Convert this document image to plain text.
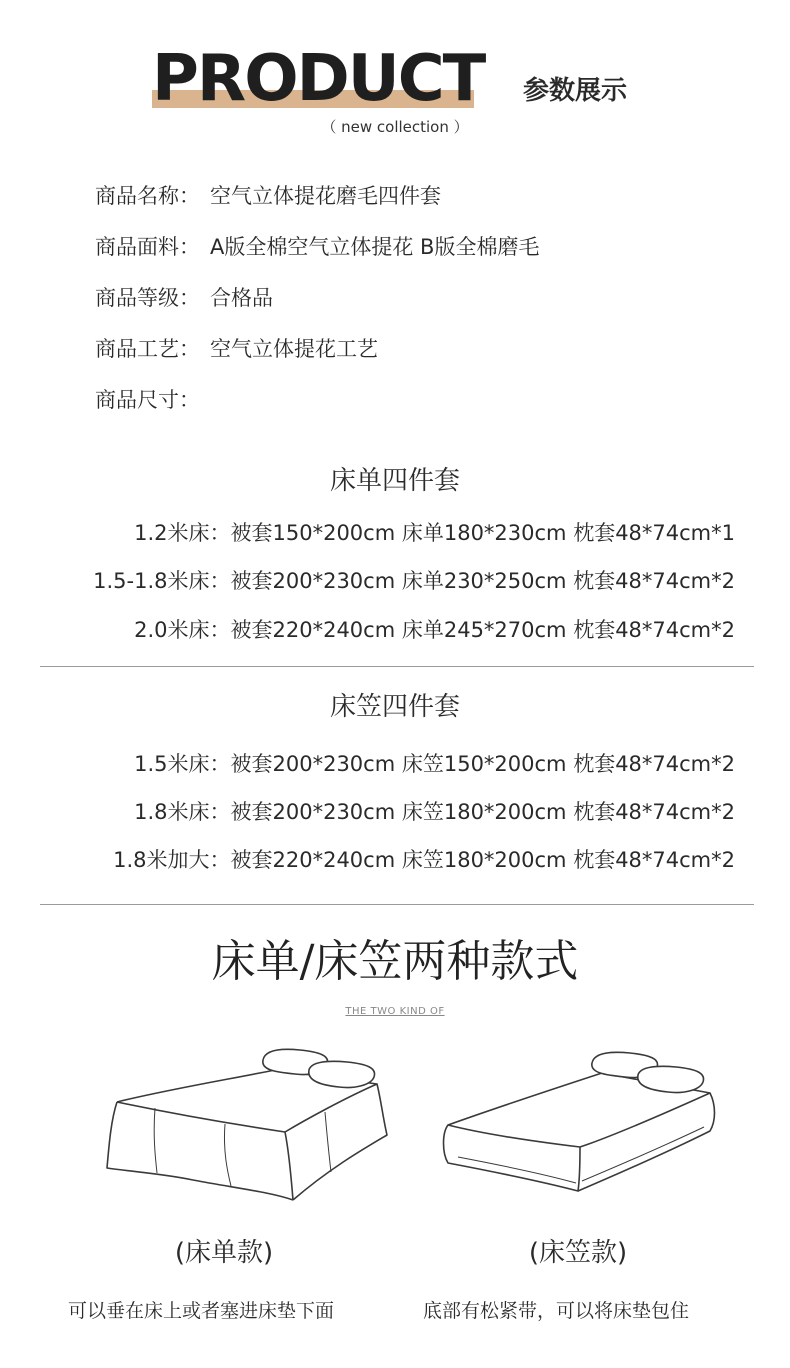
PRODUCT 参数展示
（ new collection ）
商品名称： 空气立体提花磨毛四件套
商品面料： A版全棉空气立体提花 B版全棉磨毛
商品等级： 合格品
商品工艺： 空气立体提花工艺
商品尺寸：
床单四件套
1.2米床：被套150*200cm 床单180*230cm 枕套48*74cm*1
1.5-1.8米床：被套200*230cm 床单230*250cm 枕套48*74cm*2
2.0米床：被套220*240cm 床单245*270cm 枕套48*74cm*2
床笠四件套
1.5米床：被套200*230cm 床笠150*200cm 枕套48*74cm*2
1.8米床：被套200*230cm 床笠180*200cm 枕套48*74cm*2
1.8米加大：被套220*240cm 床笠180*200cm 枕套48*74cm*2
床单/床笠两种款式
THE TWO KIND OF
(床单款)	(床笠款)
可以垂在床上或者塞进床垫下面	底部有松紧带，可以将床垫包住
